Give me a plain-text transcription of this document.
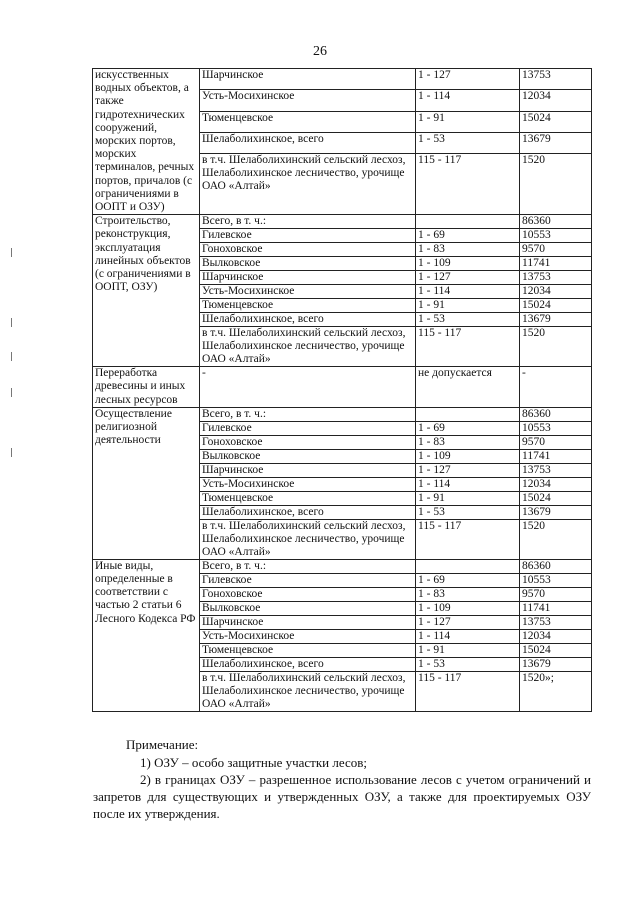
26
искусственных водных объектов, а также гидротехнических сооружений, морских портов, морских терминалов, речных портов, причалов (с ограничениями в ООПТ и ОЗУ)	Шарчинское	1 - 127	13753
	Усть-Мосихинское	1 - 114	12034
	Тюменцевское	1 - 91	15024
	Шелаболихинское, всего	1 - 53	13679
	в т.ч. Шелаболихинский сельский лесхоз, Шелаболихинское лесничество, урочище ОАО «Алтай»	115 - 117	1520
Строительство, реконструкция, эксплуатация линейных объектов (с ограничениями в ООПТ, ОЗУ)	Всего, в т. ч.:		86360
	Гилевское	1 - 69	10553
	Гоноховское	1 - 83	9570
	Вылковское	1 - 109	11741
	Шарчинское	1 - 127	13753
	Усть-Мосихинское	1 - 114	12034
	Тюменцевское	1 - 91	15024
	Шелаболихинское, всего	1 - 53	13679
	в т.ч. Шелаболихинский сельский лесхоз, Шелаболихинское лесничество, урочище ОАО «Алтай»	115 - 117	1520
Переработка древесины и иных лесных ресурсов	-	не допускается	-
Осуществление религиозной деятельности	Всего, в т. ч.:		86360
	Гилевское	1 - 69	10553
	Гоноховское	1 - 83	9570
	Вылковское	1 - 109	11741
	Шарчинское	1 - 127	13753
	Усть-Мосихинское	1 - 114	12034
	Тюменцевское	1 - 91	15024
	Шелаболихинское, всего	1 - 53	13679
	в т.ч. Шелаболихинский сельский лесхоз, Шелаболихинское лесничество, урочище ОАО «Алтай»	115 - 117	1520
Иные виды, определенные в соответствии с частью 2 статьи 6 Лесного Кодекса РФ	Всего, в т. ч.:		86360
	Гилевское	1 - 69	10553
	Гоноховское	1 - 83	9570
	Вылковское	1 - 109	11741
	Шарчинское	1 - 127	13753
	Усть-Мосихинское	1 - 114	12034
	Тюменцевское	1 - 91	15024
	Шелаболихинское, всего	1 - 53	13679
	в т.ч. Шелаболихинский сельский лесхоз, Шелаболихинское лесничество, урочище ОАО «Алтай»	115 - 117	1520»;
Примечание:
1) ОЗУ – особо защитные участки лесов;
2) в границах ОЗУ – разрешенное использование лесов с учетом ограничений и запретов для существующих и утвержденных ОЗУ, а также для проектируемых ОЗУ после их утверждения.
